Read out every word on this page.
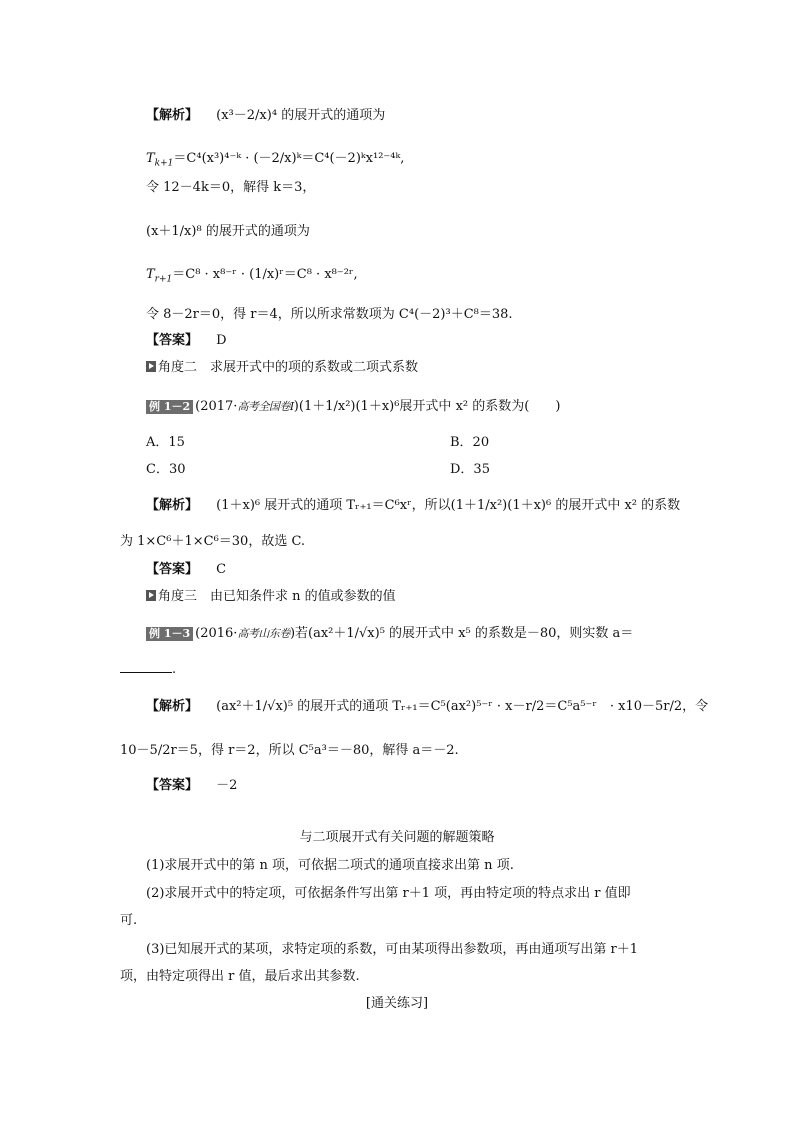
【解析】 (x³－2/x)⁴ 的展开式的通项为
$T_{k+1}=C^4(x^3)^{4-}ᵏ$ · (－2/x)ᵏ＝C⁴(－2)ᵏx¹²⁻⁴ᵏ,
令 12－4k＝0，解得 k＝3，
(x＋1/x)⁸ 的展开式的通项为
$T_{r+1}=C^8$ · x⁸⁻ʳ · (1/x)ʳ＝C⁸ · x⁸⁻²ʳ,
令 8－2r＝0，得 r＝4，所以所求常数项为 C⁴(－2)³＋C⁸＝38.
【答案】 D
角度二　求展开式中的项的系数或二项式系数
例 1－2 (2017·高考全国卷Ⅰ)(1＋1/x²)(1＋x)⁶展开式中 x² 的系数为(　　)
A．15	B．20
C．30	D．35
【解析】 (1＋x)⁶ 展开式的通项 Tᵣ₊₁＝C⁶xʳ，所以(1＋1/x²)(1＋x)⁶ 的展开式中 x² 的系数
为 1×C⁶＋1×C⁶＝30，故选 C.
【答案】 C
角度三　由已知条件求 n 的值或参数的值
例 1－3 (2016·高考山东卷)若(ax²＋1/√x)⁵ 的展开式中 x⁵ 的系数是－80，则实数 a＝
.
【解析】 (ax²＋1/√x)⁵ 的展开式的通项 Tᵣ₊₁＝C⁵(ax²)⁵⁻ʳ · x－r/2＝C⁵a⁵⁻ʳ　· x10－5r/2，令
10－5/2r＝5，得 r＝2，所以 C⁵a³＝－80，解得 a＝－2.
【答案】 －2
与二项展开式有关问题的解题策略
(1)求展开式中的第 n 项，可依据二项式的通项直接求出第 n 项.
(2)求展开式中的特定项，可依据条件写出第 r＋1 项，再由特定项的特点求出 r 值即
可.
(3)已知展开式的某项，求特定项的系数，可由某项得出参数项，再由通项写出第 r＋1
项，由特定项得出 r 值，最后求出其参数.
[通关练习]
